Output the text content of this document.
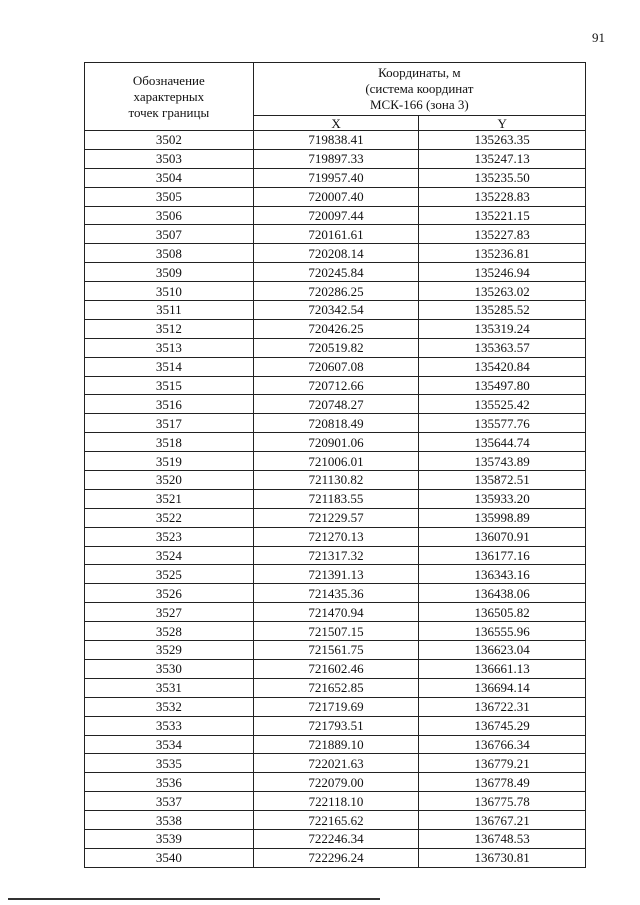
91
Обозначение
характерных
точек границы	Координаты, м
(система координат
МСК-166 (зона 3)	
	X	Y
3502	719838.41	135263.35
3503	719897.33	135247.13
3504	719957.40	135235.50
3505	720007.40	135228.83
3506	720097.44	135221.15
3507	720161.61	135227.83
3508	720208.14	135236.81
3509	720245.84	135246.94
3510	720286.25	135263.02
3511	720342.54	135285.52
3512	720426.25	135319.24
3513	720519.82	135363.57
3514	720607.08	135420.84
3515	720712.66	135497.80
3516	720748.27	135525.42
3517	720818.49	135577.76
3518	720901.06	135644.74
3519	721006.01	135743.89
3520	721130.82	135872.51
3521	721183.55	135933.20
3522	721229.57	135998.89
3523	721270.13	136070.91
3524	721317.32	136177.16
3525	721391.13	136343.16
3526	721435.36	136438.06
3527	721470.94	136505.82
3528	721507.15	136555.96
3529	721561.75	136623.04
3530	721602.46	136661.13
3531	721652.85	136694.14
3532	721719.69	136722.31
3533	721793.51	136745.29
3534	721889.10	136766.34
3535	722021.63	136779.21
3536	722079.00	136778.49
3537	722118.10	136775.78
3538	722165.62	136767.21
3539	722246.34	136748.53
3540	722296.24	136730.81
